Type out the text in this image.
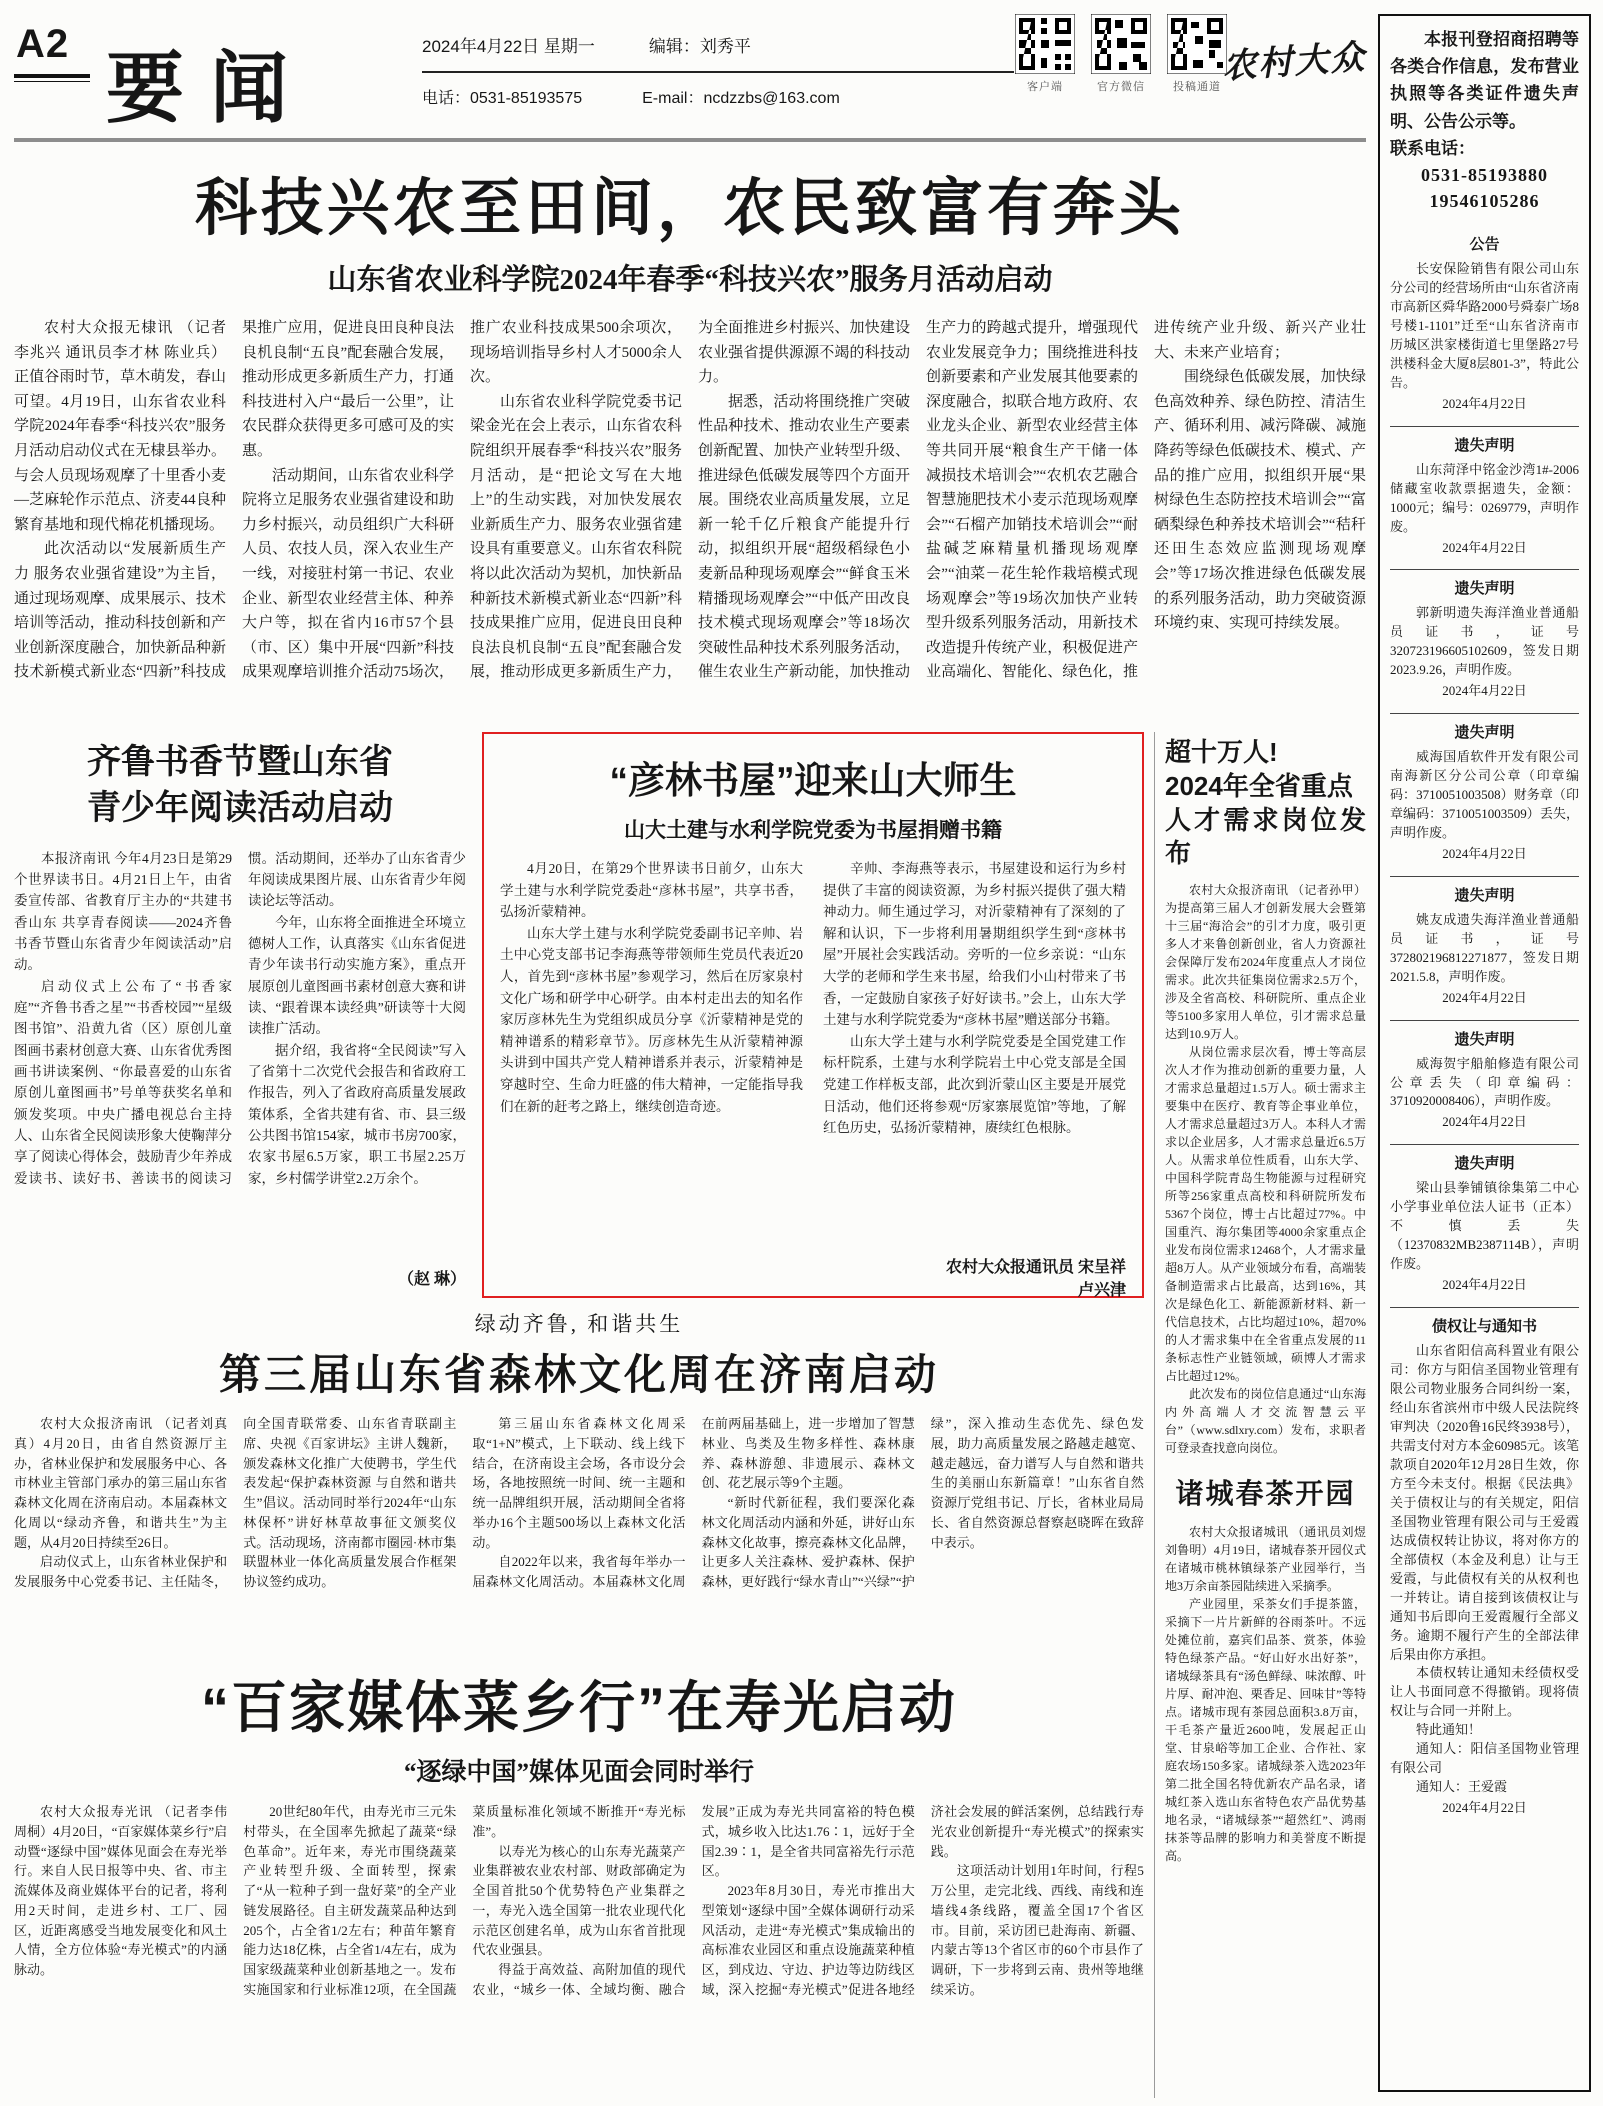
A2 要闻	2024年4月22日 星期一	编辑：刘秀平
电话：0531-85193575	E-mail：ncdzzbs@163.com
客户端	官方微信	投稿通道
农村大众
科技兴农至田间，农民致富有奔头
山东省农业科学院2024年春季“科技兴农”服务月活动启动

农村大众报无棣讯 （记者李兆兴 通讯员李才林 陈业兵）正值谷雨时节，草木萌发，春山可望。4月19日，山东省农业科学院2024年春季“科技兴农”服务月活动启动仪式在无棣县举办。与会人员现场观摩了十里香小麦—芝麻轮作示范点、济麦44良种繁育基地和现代棉花机播现场。

此次活动以“发展新质生产力 服务农业强省建设”为主旨，通过现场观摩、成果展示、技术培训等活动，推动科技创新和产业创新深度融合，加快新品种新技术新模式新业态“四新”科技成果推广应用，促进良田良种良法良机良制“五良”配套融合发展，推动形成更多新质生产力，打通科技进村入户“最后一公里”，让农民群众获得更多可感可及的实惠。

活动期间，山东省农业科学院将立足服务农业强省建设和助力乡村振兴，动员组织广大科研人员、农技人员，深入农业生产一线，对接驻村第一书记、农业企业、新型农业经营主体、种养大户等，拟在省内16市57个县（市、区）集中开展“四新”科技成果观摩培训推介活动75场次，推广农业科技成果500余项次，现场培训指导乡村人才5000余人次。

山东省农业科学院党委书记梁金光在会上表示，山东省农科院组织开展春季“科技兴农”服务月活动，是“把论文写在大地上”的生动实践，对加快发展农业新质生产力、服务农业强省建设具有重要意义。山东省农科院将以此次活动为契机，加快新品种新技术新模式新业态“四新”科技成果推广应用，促进良田良种良法良机良制“五良”配套融合发展，推动形成更多新质生产力，为全面推进乡村振兴、加快建设农业强省提供源源不竭的科技动力。

据悉，活动将围绕推广突破性品种技术、推动农业生产要素创新配置、加快产业转型升级、推进绿色低碳发展等四个方面开展。围绕农业高质量发展，立足新一轮千亿斤粮食产能提升行动，拟组织开展“超级稻绿色小麦新品种现场观摩会”“鲜食玉米精播现场观摩会”“中低产田改良技术模式现场观摩会”等18场次突破性品种技术系列服务活动，催生农业生产新动能，加快推动生产力的跨越式提升，增强现代农业发展竞争力；围绕推进科技创新要素和产业发展其他要素的深度融合，拟联合地方政府、农业龙头企业、新型农业经营主体等共同开展“粮食生产干储一体减损技术培训会”“农机农艺融合智慧施肥技术小麦示范现场观摩会”“石榴产加销技术培训会”“耐盐碱芝麻精量机播现场观摩会”“油菜－花生轮作栽培模式现场观摩会”等19场次加快产业转型升级系列服务活动，用新技术改造提升传统产业，积极促进产业高端化、智能化、绿色化，推进传统产业升级、新兴产业壮大、未来产业培育；

围绕绿色低碳发展，加快绿色高效种养、绿色防控、清洁生产、循环利用、减污降碳、减施降药等绿色低碳技术、模式、产品的推广应用，拟组织开展“果树绿色生态防控技术培训会”“富硒梨绿色种养技术培训会”“秸秆还田生态效应监测现场观摩会”等17场次推进绿色低碳发展的系列服务活动，助力突破资源环境约束、实现可持续发展。

齐鲁书香节暨山东省
青少年阅读活动启动

本报济南讯 今年4月23日是第29个世界读书日。4月21日上午，由省委宣传部、省教育厅主办的“共建书香山东 共享青春阅读——2024齐鲁书香节暨山东省青少年阅读活动”启动。

启动仪式上公布了“书香家庭”“齐鲁书香之星”“书香校园”“星级图书馆”、沿黄九省（区）原创儿童图画书素材创意大赛、山东省优秀图画书讲读案例、“你最喜爱的山东省原创儿童图画书”号单等获奖名单和颁发奖项。中央广播电视总台主持人、山东省全民阅读形象大使鞠萍分享了阅读心得体会，鼓励青少年养成爱读书、读好书、善读书的阅读习惯。活动期间，还举办了山东省青少年阅读成果图片展、山东省青少年阅读论坛等活动。

今年，山东将全面推进全环境立德树人工作，认真落实《山东省促进青少年读书行动实施方案》，重点开展原创儿童图画书素材创意大赛和讲读、“跟着课本读经典”研读等十大阅读推广活动。

据介绍，我省将“全民阅读”写入了省第十二次党代会报告和省政府工作报告，列入了省政府高质量发展政策体系，全省共建有省、市、县三级公共图书馆154家，城市书房700家，农家书屋6.5万家，职工书屋2.25万家，乡村儒学讲堂2.2万余个。

（赵 琳）
“彦林书屋”迎来山大师生
山大土建与水利学院党委为书屋捐赠书籍

4月20日，在第29个世界读书日前夕，山东大学土建与水利学院党委赴“彦林书屋”，共享书香，弘扬沂蒙精神。

山东大学土建与水利学院党委副书记辛帅、岩土中心党支部书记李海燕等带领师生党员代表近20人，首先到“彦林书屋”参观学习，然后在厉家泉村文化广场和研学中心研学。由本村走出去的知名作家厉彦林先生为党组织成员分享《沂蒙精神是党的精神谱系的精彩章节》。厉彦林先生从沂蒙精神源头讲到中国共产党人精神谱系并表示，沂蒙精神是穿越时空、生命力旺盛的伟大精神，一定能指导我们在新的赶考之路上，继续创造奇迹。

辛帅、李海燕等表示，书屋建设和运行为乡村提供了丰富的阅读资源，为乡村振兴提供了强大精神动力。师生通过学习，对沂蒙精神有了深刻的了解和认识，下一步将利用暑期组织学生到“彦林书屋”开展社会实践活动。旁听的一位乡亲说：“山东大学的老师和学生来书屋，给我们小山村带来了书香，一定鼓励自家孩子好好读书。”会上，山东大学土建与水利学院党委为“彦林书屋”赠送部分书籍。

山东大学土建与水利学院党委是全国党建工作标杆院系，土建与水利学院岩土中心党支部是全国党建工作样板支部，此次到沂蒙山区主要是开展党日活动，他们还将参观“厉家寨展览馆”等地，了解红色历史，弘扬沂蒙精神，赓续红色根脉。

农村大众报通讯员 宋呈祥
卢兴津
绿动齐鲁, 和谐共生
第三届山东省森林文化周在济南启动

农村大众报济南讯 （记者刘真真）4月20日，由省自然资源厅主办，省林业保护和发展服务中心、各市林业主管部门承办的第三届山东省森林文化周在济南启动。本届森林文化周以“绿动齐鲁，和谐共生”为主题，从4月20日持续至26日。

启动仪式上，山东省林业保护和发展服务中心党委书记、主任陆冬，向全国青联常委、山东省青联副主席、央视《百家讲坛》主讲人魏新，颁发森林文化推广大使聘书，学生代表发起“保护森林资源 与自然和谐共生”倡议。活动同时举行2024年“山东林保杯”讲好林草故事征文颁奖仪式。活动现场，济南都市圈园·林市集联盟林业一体化高质量发展合作框架协议签约成功。

第三届山东省森林文化周采取“1+N”模式，上下联动、线上线下结合，在济南设主会场，各市设分会场，各地按照统一时间、统一主题和统一品牌组织开展，活动期间全省将举办16个主题500场以上森林文化活动。

自2022年以来，我省每年举办一届森林文化周活动。本届森林文化周在前两届基础上，进一步增加了智慧林业、鸟类及生物多样性、森林康养、森林游憩、非遗展示、森林文创、花艺展示等9个主题。

“新时代新征程，我们要深化森林文化周活动内涵和外延，讲好山东森林文化故事，擦亮森林文化品牌，让更多人关注森林、爱护森林、保护森林，更好践行“绿水青山”“兴绿”“护绿”，深入推动生态优先、绿色发展，助力高质量发展之路越走越宽、越走越远，奋力谱写人与自然和谐共生的美丽山东新篇章！”山东省自然资源厅党组书记、厅长，省林业局局长、省自然资源总督察赵晓晖在致辞中表示。

“百家媒体菜乡行”在寿光启动
“逐绿中国”媒体见面会同时举行

农村大众报寿光讯 （记者李伟 周桐）4月20日，“百家媒体菜乡行”启动暨“逐绿中国”媒体见面会在寿光举行。来自人民日报等中央、省、市主流媒体及商业媒体平台的记者，将利用2天时间，走进乡村、工厂、园区，近距离感受当地发展变化和风土人情，全方位体验“寿光模式”的内涵脉动。

20世纪80年代，由寿光市三元朱村带头，在全国率先掀起了蔬菜“绿色革命”。近年来，寿光市围绕蔬菜产业转型升级、全面转型，探索了“从一粒种子到一盘好菜”的全产业链发展路径。自主研发蔬菜品种达到205个，占全省1/2左右；种苗年繁育能力达18亿株，占全省1/4左右，成为国家级蔬菜种业创新基地之一。发布实施国家和行业标准12项，在全国蔬菜质量标准化领域不断推开“寿光标准”。

以寿光为核心的山东寿光蔬菜产业集群被农业农村部、财政部确定为全国首批50个优势特色产业集群之一，寿光入选全国第一批农业现代化示范区创建名单，成为山东省首批现代农业强县。

得益于高效益、高附加值的现代农业，“城乡一体、全域均衡、融合发展”正成为寿光共同富裕的特色模式，城乡收入比达1.76∶1，远好于全国2.39∶1，是全省共同富裕先行示范区。

2023年8月30日，寿光市推出大型策划“逐绿中国”全媒体调研行动采风活动，走进“寿光模式”集成输出的高标准农业园区和重点设施蔬菜种植区，到戍边、守边、护边等边防线区域，深入挖掘“寿光模式”促进各地经济社会发展的鲜活案例，总结践行寿光农业创新提升“寿光模式”的探索实践。

这项活动计划用1年时间，行程5万公里，走完北线、西线、南线和连墙线4条线路，覆盖全国17个省区市。目前，采访团已赴海南、新疆、内蒙古等13个省区市的60个市县作了调研，下一步将到云南、贵州等地继续采访。

超十万人!
2024年全省重点
人才需求岗位发布

农村大众报济南讯 （记者孙甲）为提高第三届人才创新发展大会暨第十三届“海洽会”的引才力度，吸引更多人才来鲁创新创业，省人力资源社会保障厅发布2024年度重点人才岗位需求。此次共征集岗位需求2.5万个，涉及全省高校、科研院所、重点企业等5100多家用人单位，引才需求总量达到10.9万人。

从岗位需求层次看，博士等高层次人才作为推动创新的重要力量，人才需求总量超过1.5万人。硕士需求主要集中在医疗、教育等企事业单位，人才需求总量超过3万人。本科人才需求以企业居多，人才需求总量近6.5万人。从需求单位性质看，山东大学、中国科学院青岛生物能源与过程研究所等256家重点高校和科研院所发布5367个岗位，博士占比超过77%。中国重汽、海尔集团等4000余家重点企业发布岗位需求12468个，人才需求量超8万人。从产业领域分布看，高端装备制造需求占比最高，达到16%，其次是绿色化工、新能源新材料、新一代信息技术，占比均超过10%，超70%的人才需求集中在全省重点发展的11条标志性产业链领域，硕博人才需求占比超过12%。

此次发布的岗位信息通过“山东海内外高端人才交流智慧云平台”（www.sdlxry.com）发布，求职者可登录查找意向岗位。

诸城春茶开园

农村大众报诸城讯 （通讯员刘煜 刘鲁明）4月19日，诸城春茶开园仪式在诸城市桃林镇绿茶产业园举行，当地3万余亩茶园陆续进入采摘季。

产业园里，采茶女们手提茶篮，采摘下一片片新鲜的谷雨茶叶。不远处摊位前，嘉宾们品茶、赏茶，体验特色绿茶产品。“好山好水出好茶”，诸城绿茶具有“汤色鲜绿、味浓醇、叶片厚、耐冲泡、栗香足、回味甘”等特点。诸城市现有茶园总面积3.8万亩，干毛茶产量近2600吨，发展起正山堂、甘泉峪等加工企业、合作社、家庭农场150多家。诸城绿茶入选2023年第二批全国名特优新农产品名录，诸城红茶入选山东省特色农产品优势基地名录，“诸城绿茶”“超然红”、鸿雨抹茶等品牌的影响力和美誉度不断提高。

本报刊登招商招聘等各类合作信息，发布营业执照等各类证件遗失声明、公告公示等。
联系电话：
0531-85193880
19546105286
公告

长安保险销售有限公司山东分公司的经营场所由“山东省济南市高新区舜华路2000号舜泰广场8号楼1-1101”迁至“山东省济南市历城区洪家楼街道七里堡路27号洪楼科金大厦8层801-3”，特此公告。

2024年4月22日
遗失声明

山东菏泽中铭金沙湾1#-2006储藏室收款票据遗失，金额：1000元；编号：0269779，声明作废。

2024年4月22日
遗失声明

郭新明遗失海洋渔业普通船员证书，证号320723196605102609，签发日期2023.9.26，声明作废。

2024年4月22日
遗失声明

威海国盾软件开发有限公司南海新区分公司公章（印章编码：3710051003508）财务章（印章编码：3710051003509）丢失，声明作废。

2024年4月22日
遗失声明

姚友成遗失海洋渔业普通船员证书，证号372802196812271877，签发日期2021.5.8，声明作废。

2024年4月22日
遗失声明

威海贺宇船舶修造有限公司公章丢失（印章编码：3710920008406），声明作废。

2024年4月22日
遗失声明

梁山县拳铺镇徐集第二中心小学事业单位法人证书（正本）不慎丢失（12370832MB2387114B），声明作废。

2024年4月22日
债权让与通知书

山东省阳信高科置业有限公司：你方与阳信圣国物业管理有限公司物业服务合同纠纷一案，经山东省滨州市中级人民法院终审判决（2020鲁16民终3938号），共需支付对方本金60985元。该笔款项自2020年12月28日生效，你方至今未支付。根据《民法典》关于债权让与的有关规定，阳信圣国物业管理有限公司与王爱霞达成债权转让协议，将对你方的全部债权（本金及利息）让与王爱霞，与此债权有关的从权利也一并转让。请自接到该债权让与通知书后即向王爱霞履行全部义务。逾期不履行产生的全部法律后果由你方承担。

本债权转让通知未经债权受让人书面同意不得撤销。现将债权让与合同一并附上。

特此通知！

通知人：阳信圣国物业管理有限公司

通知人：王爱霞

2024年4月22日
